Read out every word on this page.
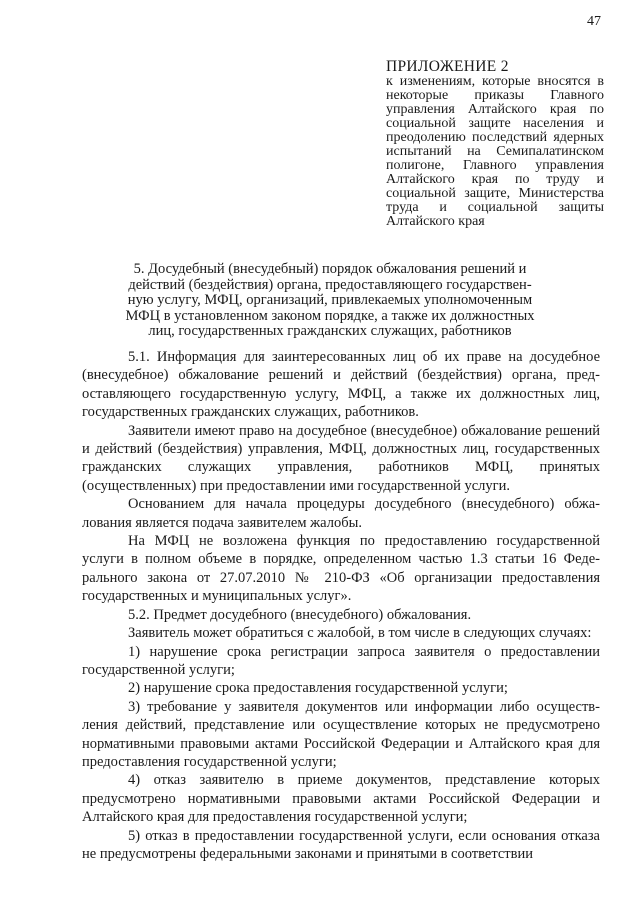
47
ПРИЛОЖЕНИЕ 2
к изменениям, которые вносятся в некоторые приказы Главного управления Алтайского края по социальной защите населения и преодолению последствий ядерных испытаний на Семипалатинском полигоне, Главного управления Алтайского края по труду и социальной защите, Министерства труда и социальной защиты Алтайского края
5. Досудебный (внесудебный) порядок обжалования решений и действий (бездействия) органа, предоставляющего государственную услугу, МФЦ, организаций, привлекаемых уполномоченным МФЦ в установленном законом порядке, а также их должностных лиц, государственных гражданских служащих, работников

5.1. Информация для заинтересованных лиц об их праве на досудебное (внесудебное) обжалование решений и действий (бездействия) органа, предоставляющего государственную услугу, МФЦ, а также их должностных лиц, государственных гражданских служащих, работников.

Заявители имеют право на досудебное (внесудебное) обжалование решений и действий (бездействия) управления, МФЦ, должностных лиц, государственных гражданских служащих управления, работников МФЦ, принятых (осуществленных) при предоставлении ими государственной услуги.

Основанием для начала процедуры досудебного (внесудебного) обжалования является подача заявителем жалобы.

На МФЦ не возложена функция по предоставлению государственной услуги в полном объеме в порядке, определенном частью 1.3 статьи 16 Федерального закона от 27.07.2010 № 210-ФЗ «Об организации предоставления государственных и муниципальных услуг».

5.2. Предмет досудебного (внесудебного) обжалования.

Заявитель может обратиться с жалобой, в том числе в следующих случаях:

1) нарушение срока регистрации запроса заявителя о предоставлении государственной услуги;

2) нарушение срока предоставления государственной услуги;

3) требование у заявителя документов или информации либо осуществления действий, представление или осуществление которых не предусмотрено нормативными правовыми актами Российской Федерации и Алтайского края для предоставления государственной услуги;

4) отказ заявителю в приеме документов, представление которых предусмотрено нормативными правовыми актами Российской Федерации и Алтайского края для предоставления государственной услуги;

5) отказ в предоставлении государственной услуги, если основания отказа не предусмотрены федеральными законами и принятыми в соответствии
